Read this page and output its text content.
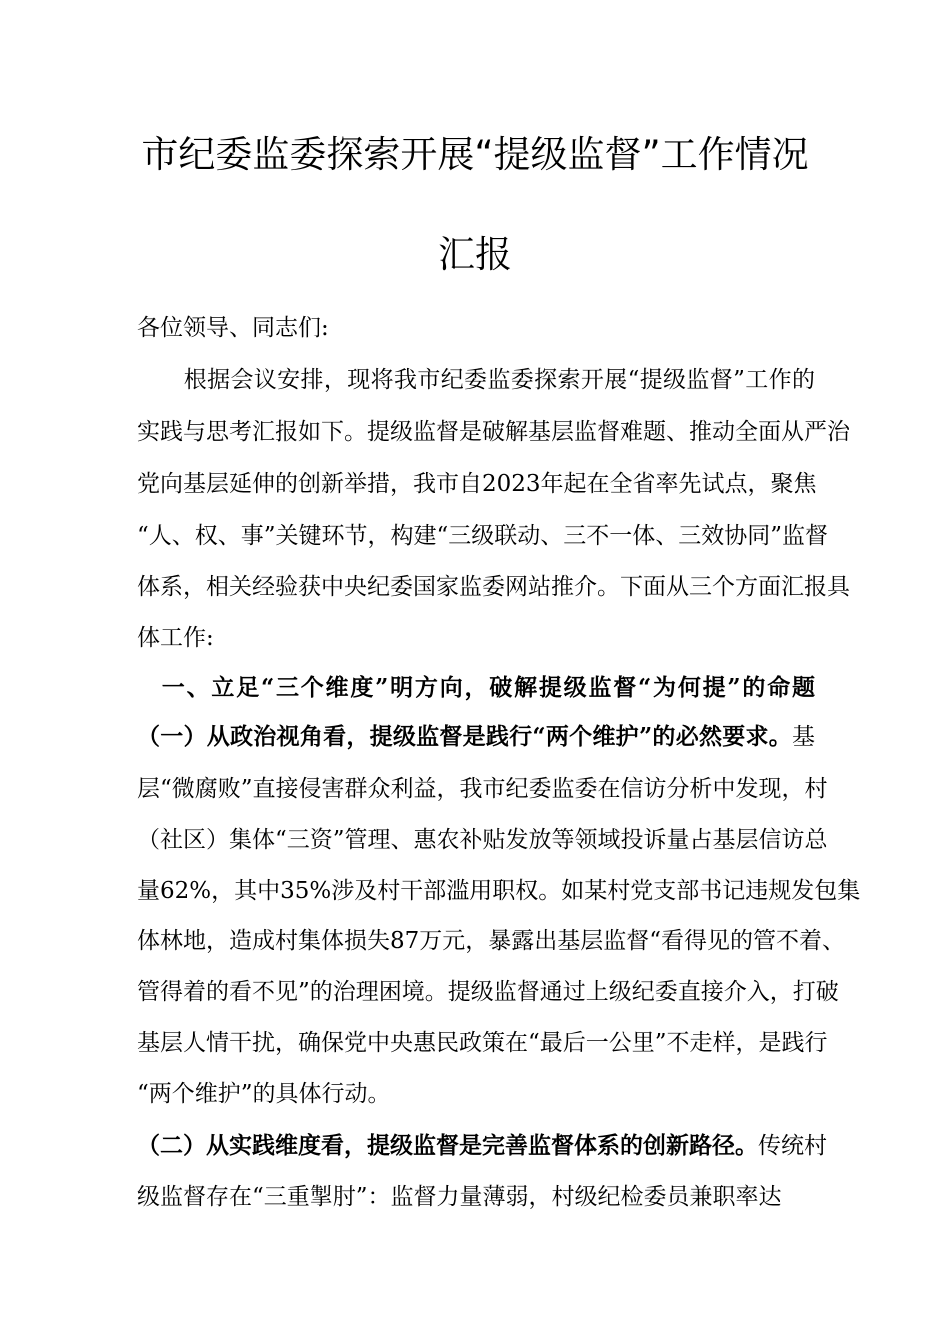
市纪委监委探索开展“提级监督”工作情况
汇报
各位领导、同志们:
　　根据会议安排，现将我市纪委监委探索开展“提级监督”工作的
实践与思考汇报如下。提级监督是破解基层监督难题、推动全面从严治
党向基层延伸的创新举措，我市自2023年起在全省率先试点，聚焦
“人、权、事”关键环节，构建“三级联动、三不一体、三效协同”监督
体系，相关经验获中央纪委国家监委网站推介。下面从三个方面汇报具
体工作:
　一、立足“三个维度”明方向，破解提级监督“为何提”的命题
（一）从政治视角看，提级监督是践行“两个维护”的必然要求。基
层“微腐败”直接侵害群众利益，我市纪委监委在信访分析中发现，村
（社区）集体“三资”管理、惠农补贴发放等领域投诉量占基层信访总
量62%，其中35%涉及村干部滥用职权。如某村党支部书记违规发包集
体林地，造成村集体损失87万元，暴露出基层监督“看得见的管不着、
管得着的看不见”的治理困境。提级监督通过上级纪委直接介入，打破
基层人情干扰，确保党中央惠民政策在“最后一公里”不走样，是践行
“两个维护”的具体行动。
（二）从实践维度看，提级监督是完善监督体系的创新路径。传统村
级监督存在“三重掣肘”：监督力量薄弱，村级纪检委员兼职率达
